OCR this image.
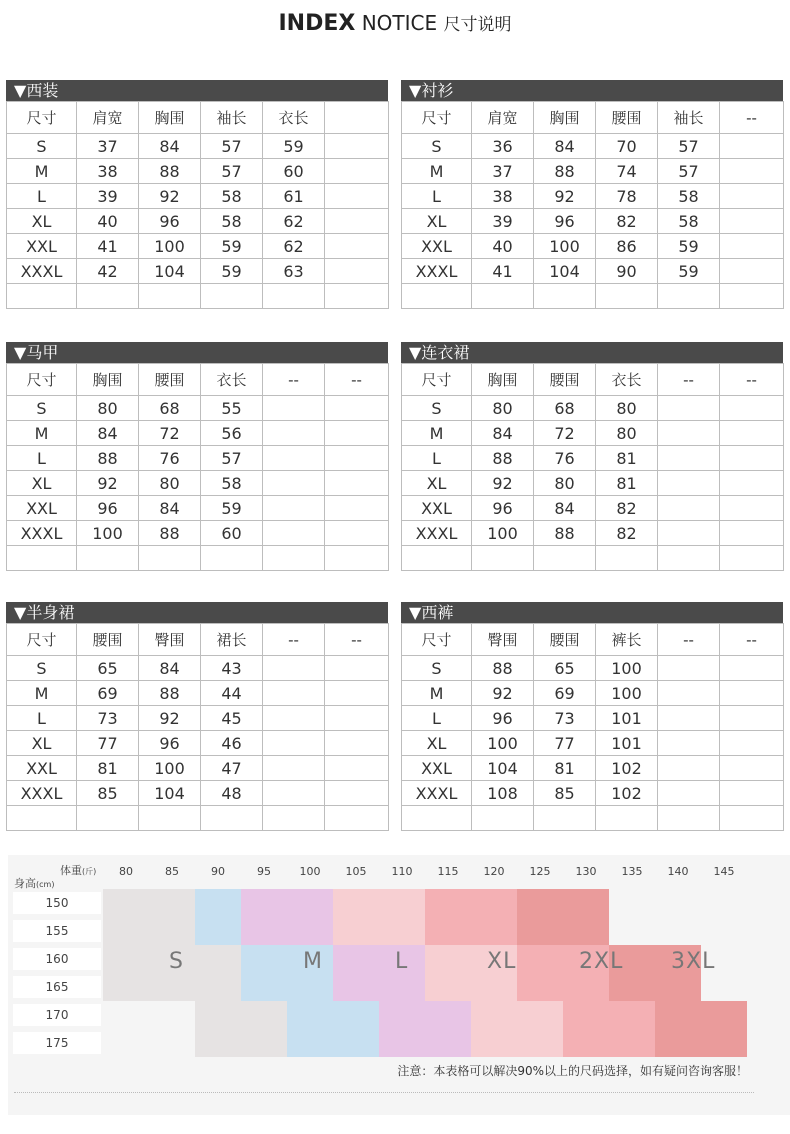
INDEX NOTICE 尺寸说明
▼西装
尺寸	肩宽	胸围	袖长	衣长	
S	37	84	57	59	
M	38	88	57	60	
L	39	92	58	61	
XL	40	96	58	62	
XXL	41	100	59	62	
XXXL	42	104	59	63	

▼衬衫
尺寸	肩宽	胸围	腰围	袖长	--
S	36	84	70	57	
M	37	88	74	57	
L	38	92	78	58	
XL	39	96	82	58	
XXL	40	100	86	59	
XXXL	41	104	90	59	

▼马甲
尺寸	胸围	腰围	衣长	--	--
S	80	68	55		
M	84	72	56		
L	88	76	57		
XL	92	80	58		
XXL	96	84	59		
XXXL	100	88	60		

▼连衣裙
尺寸	胸围	腰围	衣长	--	--
S	80	68	80		
M	84	72	80		
L	88	76	81		
XL	92	80	81		
XXL	96	84	82		
XXXL	100	88	82		

▼半身裙
尺寸	腰围	臀围	裙长	--	--
S	65	84	43		
M	69	88	44		
L	73	92	45		
XL	77	96	46		
XXL	81	100	47		
XXXL	85	104	48		

▼西裤
尺寸	臀围	腰围	裤长	--	--
S	88	65	100		
M	92	69	100		
L	96	73	101		
XL	100	77	101		
XXL	104	81	102		
XXXL	108	85	102		

体重(斤)
身高(cm)
注意：本表格可以解决90%以上的尺码选择，如有疑问咨询客服！
80	85	90	95	100	105	110	115	120	125	130	135	140	145
150
155
160
165
170
175
S	M	L	XL	2XL 3XL
